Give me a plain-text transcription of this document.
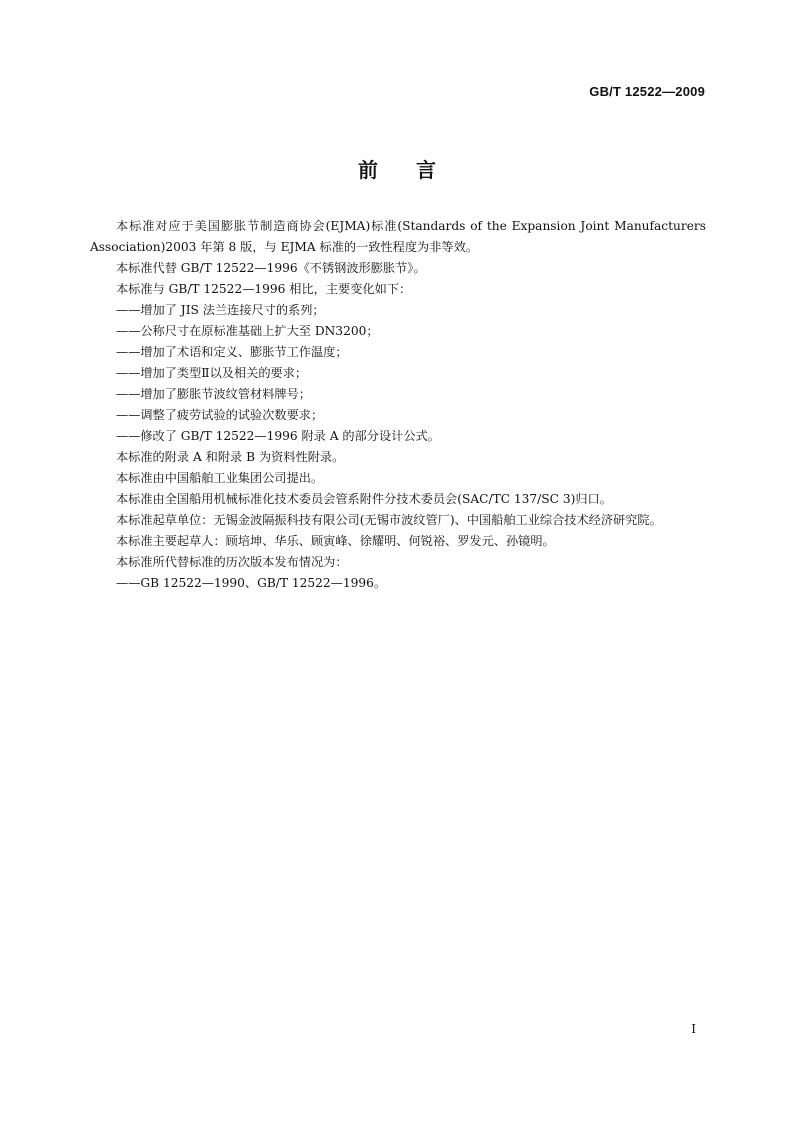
GB/T 12522—2009
前言

本标准对应于美国膨胀节制造商协会(EJMA)标准(Standards of the Expansion Joint Manufacturers Association)2003 年第 8 版，与 EJMA 标准的一致性程度为非等效。

本标准代替 GB/T 12522—1996《不锈钢波形膨胀节》。

本标准与 GB/T 12522—1996 相比，主要变化如下：

——增加了 JIS 法兰连接尺寸的系列；

——公称尺寸在原标准基础上扩大至 DN3200；

——增加了术语和定义、膨胀节工作温度；

——增加了类型Ⅱ以及相关的要求；

——增加了膨胀节波纹管材料牌号；

——调整了疲劳试验的试验次数要求；

——修改了 GB/T 12522—1996 附录 A 的部分设计公式。

本标准的附录 A 和附录 B 为资料性附录。

本标准由中国船舶工业集团公司提出。

本标准由全国船用机械标准化技术委员会管系附件分技术委员会(SAC/TC 137/SC 3)归口。

本标准起草单位：无锡金波隔振科技有限公司(无锡市波纹管厂)、中国船舶工业综合技术经济研究院。

本标准主要起草人：顾培坤、华乐、顾寅峰、徐耀明、何锐裕、罗发元、孙镜明。

本标准所代替标准的历次版本发布情况为：

——GB 12522—1990、GB/T 12522—1996。

I
